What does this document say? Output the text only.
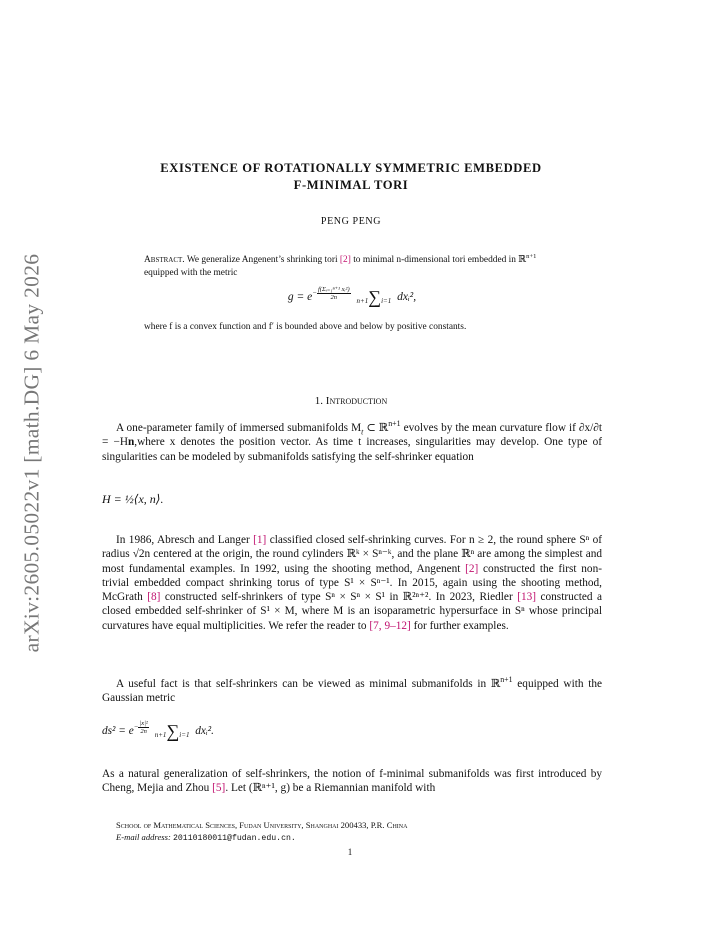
arXiv:2605.05022v1 [math.DG] 6 May 2026
EXISTENCE OF ROTATIONALLY SYMMETRIC EMBEDDED
F-MINIMAL TORI
PENG PENG
Abstract. We generalize Angenent’s shrinking tori [2] to minimal n-dimensional tori embedded in ℝ$^{n+1}$ equipped with the metric
$g = e^{- \frac{\text{f(Σᵢ₌₁ⁿ⁺¹ xᵢ²)}}{2n}}$
n+1∑i=1 dxᵢ²,
where f is a convex function and f′ is bounded above and below by positive constants.
1. Introduction
A one-parameter family of immersed submanifolds $M_t$ ⊂ ℝ$^{n+1}$ evolves by the mean curvature flow if ∂x/∂t = −Hn,where x denotes the position vector. As time t increases, singularities may develop. One type of singularities can be modeled by submanifolds satisfying the self-shrinker equation
H = ½⟨x, n⟩.
In 1986, Abresch and Langer [1] classified closed self-shrinking curves. For n ≥ 2, the round sphere Sⁿ of radius √2n centered at the origin, the round cylinders ℝᵏ × Sⁿ⁻ᵏ, and the plane ℝⁿ are among the simplest and most fundamental examples. In 1992, using the shooting method, Angenent [2] constructed the first non-trivial embedded compact shrinking torus of type S¹ × Sⁿ⁻¹. In 2015, again using the shooting method, McGrath [8] constructed self-shrinkers of type Sⁿ × Sⁿ × S¹ in ℝ²ⁿ⁺². In 2023, Riedler [13] constructed a closed embedded self-shrinker of S¹ × M, where M is an isoparametric hypersurface in Sⁿ whose principal curvatures have equal multiplicities. We refer the reader to [7, 9–12] for further examples.
A useful fact is that self-shrinkers can be viewed as minimal submanifolds in ℝ$^{n+1}$ equipped with the Gaussian metric
$ds^2 = e^{- \frac{\text{|x|²}}{2n}}$
n+1∑i=1 dxᵢ².
As a natural generalization of self-shrinkers, the notion of f-minimal submanifolds was first introduced by Cheng, Mejia and Zhou [5]. Let (ℝⁿ⁺¹, g) be a Riemannian manifold with
School of Mathematical Sciences, Fudan University, Shanghai 200433, P.R. China
E-mail address: 20110180011@fudan.edu.cn.
1
